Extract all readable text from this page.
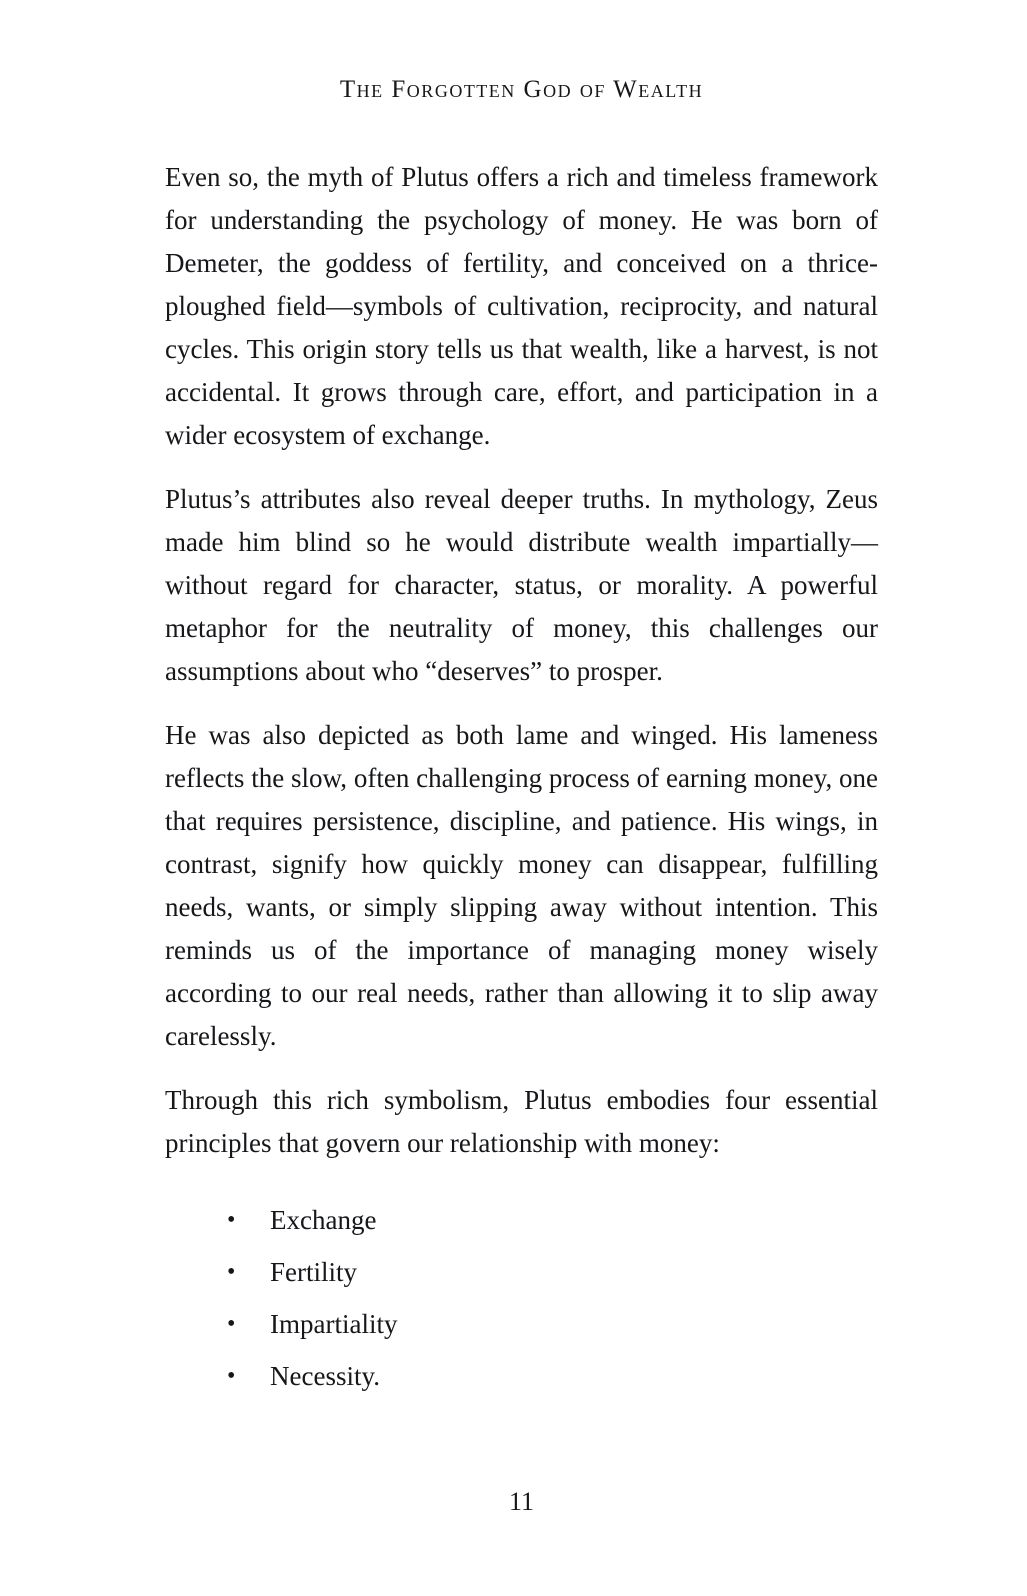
The Forgotten God of Wealth

Even so, the myth of Plutus offers a rich and timeless framework for understanding the psychology of money. He was born of Demeter, the goddess of fertility, and conceived on a thrice-ploughed field—symbols of cultivation, reciprocity, and natural cycles. This origin story tells us that wealth, like a harvest, is not accidental. It grows through care, effort, and participation in a wider ecosystem of exchange.

Plutus’s attributes also reveal deeper truths. In mythology, Zeus made him blind so he would distribute wealth impartially—without regard for character, status, or morality. A powerful metaphor for the neutrality of money, this challenges our assumptions about who “deserves” to prosper.

He was also depicted as both lame and winged. His lameness reflects the slow, often challenging process of earning money, one that requires persistence, discipline, and patience. His wings, in contrast, signify how quickly money can disappear, fulfilling needs, wants, or simply slipping away without intention. This reminds us of the importance of managing money wisely according to our real needs, rather than allowing it to slip away carelessly.

Through this rich symbolism, Plutus embodies four essential principles that govern our relationship with money:

• Exchange
• Fertility
• Impartiality
• Necessity.
11
